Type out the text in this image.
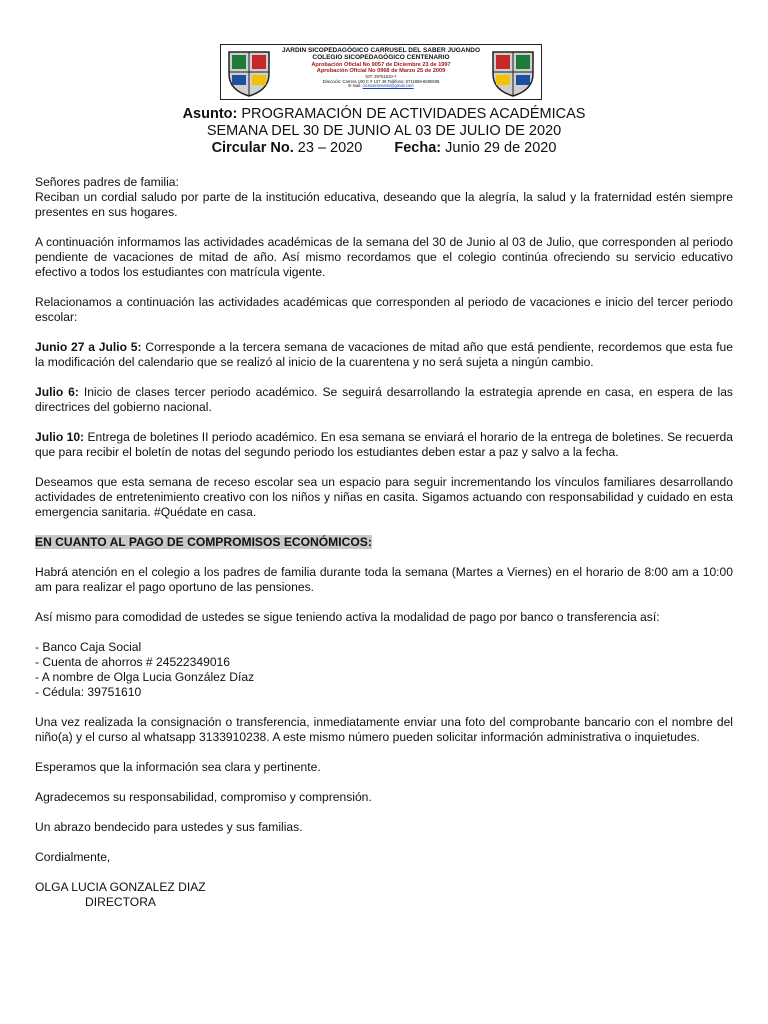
JARDIN SICOPEDAGÓGICO CARRUSEL DEL SABER JUGANDO
COLEGIO SICOPEDAGÓGICO CENTENARIO
Aprobación Oficial No 9057 de Diciembre 23 de 1997
Aprobación Oficial No 0968 de Marzo 25 de 2009
NIT. 39751610-7
Dirección: Carrera 100 C # 137 46 Teléfono: 6711859-6580508
E-mail: cicsicentenario@gmail.com
Asunto: PROGRAMACIÓN DE ACTIVIDADES ACADÉMICAS
SEMANA DEL 30 DE JUNIO AL 03 DE JULIO DE 2020
Circular No. 23 – 2020 Fecha: Junio 29 de 2020

Señores padres de familia:

Reciban un cordial saludo por parte de la institución educativa, deseando que la alegría, la salud y la fraternidad estén siempre presentes en sus hogares.

A continuación informamos las actividades académicas de la semana del 30 de Junio al 03 de Julio, que corresponden al periodo pendiente de vacaciones de mitad de año. Así mismo recordamos que el colegio continúa ofreciendo su servicio educativo efectivo a todos los estudiantes con matrícula vigente.

Relacionamos a continuación las actividades académicas que corresponden al periodo de vacaciones e inicio del tercer periodo escolar:

Junio 27 a Julio 5: Corresponde a la tercera semana de vacaciones de mitad año que está pendiente, recordemos que esta fue la modificación del calendario que se realizó al inicio de la cuarentena y no será sujeta a ningún cambio.

Julio 6: Inicio de clases tercer periodo académico. Se seguirá desarrollando la estrategia aprende en casa, en espera de las directrices del gobierno nacional.

Julio 10: Entrega de boletines II periodo académico. En esa semana se enviará el horario de la entrega de boletines. Se recuerda que para recibir el boletín de notas del segundo periodo los estudiantes deben estar a paz y salvo a la fecha.

Deseamos que esta semana de receso escolar sea un espacio para seguir incrementando los vínculos familiares desarrollando actividades de entretenimiento creativo con los niños y niñas en casita. Sigamos actuando con responsabilidad y cuidado en esta emergencia sanitaria. #Quédate en casa.

EN CUANTO AL PAGO DE COMPROMISOS ECONÓMICOS:

Habrá atención en el colegio a los padres de familia durante toda la semana (Martes a Viernes) en el horario de 8:00 am a 10:00 am para realizar el pago oportuno de las pensiones.

Así mismo para comodidad de ustedes se sigue teniendo activa la modalidad de pago por banco o transferencia así:

- Banco Caja Social
- Cuenta de ahorros # 24522349016
- A nombre de Olga Lucia González Díaz
- Cédula: 39751610

Una vez realizada la consignación o transferencia, inmediatamente enviar una foto del comprobante bancario con el nombre del niño(a) y el curso al whatsapp 3133910238. A este mismo número pueden solicitar información administrativa o inquietudes.

Esperamos que la información sea clara y pertinente.

Agradecemos su responsabilidad, compromiso y comprensión.

Un abrazo bendecido para ustedes y sus familias.

Cordialmente,

OLGA LUCIA GONZALEZ DIAZ
DIRECTORA
